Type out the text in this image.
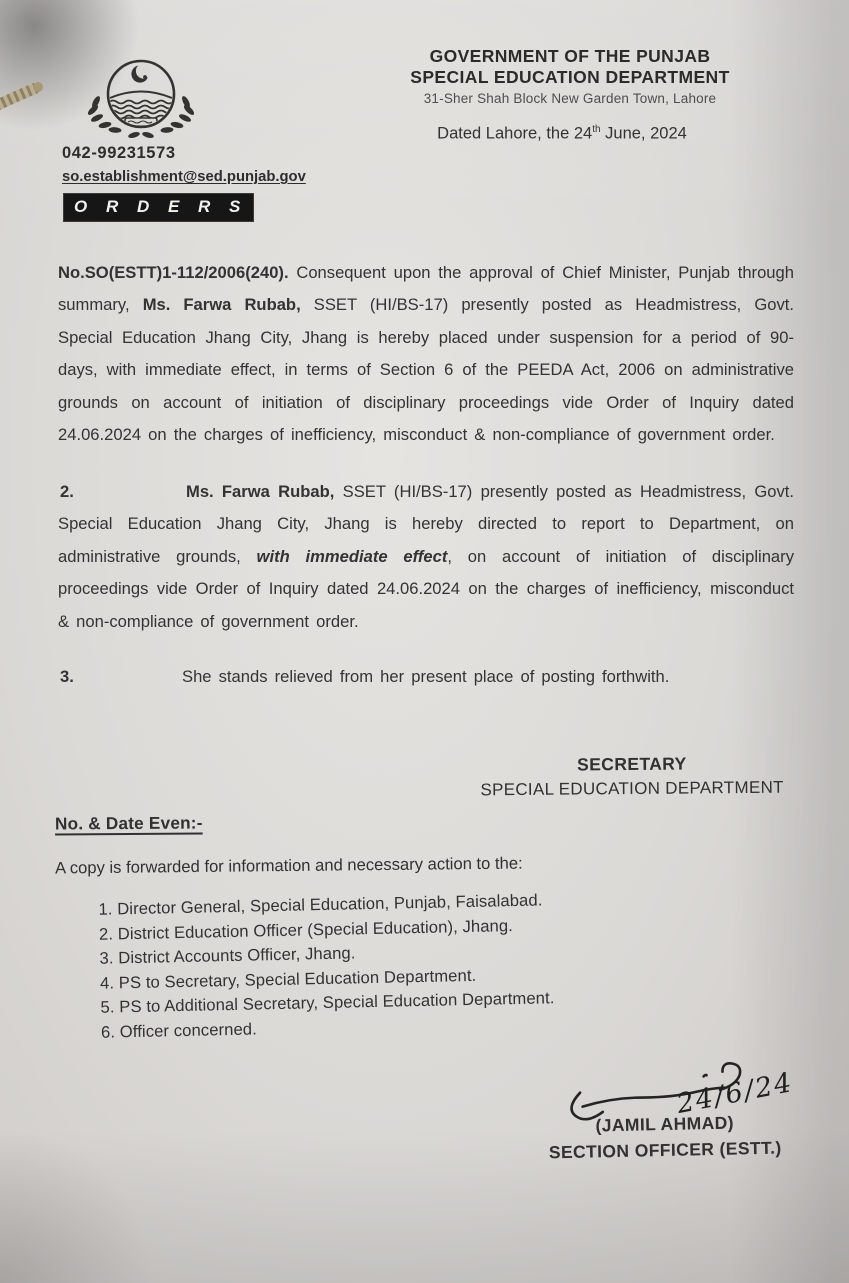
GOVERNMENT OF THE PUNJAB
SPECIAL EDUCATION DEPARTMENT
31-Sher Shah Block New Garden Town, Lahore
Dated Lahore, the 24th June, 2024
042-99231573
so.establishment@sed.punjab.gov
O R D E R S

No.SO(ESTT)1-112/2006(240). Consequent upon the approval of Chief Minister, Punjab through summary, Ms. Farwa Rubab, SSET (HI/BS-17) presently posted as Headmistress, Govt. Special Education Jhang City, Jhang is hereby placed under suspension for a period of 90-days, with immediate effect, in terms of Section 6 of the PEEDA Act, 2006 on administrative grounds on account of initiation of disciplinary proceedings vide Order of Inquiry dated 24.06.2024 on the charges of inefficiency, misconduct & non-compliance of government order.

2.	Ms. Farwa Rubab, SSET (HI/BS-17) presently posted as Headmistress, Govt. Special Education Jhang City, Jhang is hereby directed to report to Department, on administrative grounds, with immediate effect, on account of initiation of disciplinary proceedings vide Order of Inquiry dated 24.06.2024 on the charges of inefficiency, misconduct & non-compliance of government order.

3.	She stands relieved from her present place of posting forthwith.

SECRETARY
SPECIAL EDUCATION DEPARTMENT
No. & Date Even:-
A copy is forwarded for information and necessary action to the:
1. Director General, Special Education, Punjab, Faisalabad.
2. District Education Officer (Special Education), Jhang.
3. District Accounts Officer, Jhang.
4. PS to Secretary, Special Education Department.
5. PS to Additional Secretary, Special Education Department.
6. Officer concerned.
24/6/24
(JAMIL AHMAD)
SECTION OFFICER (ESTT.)
